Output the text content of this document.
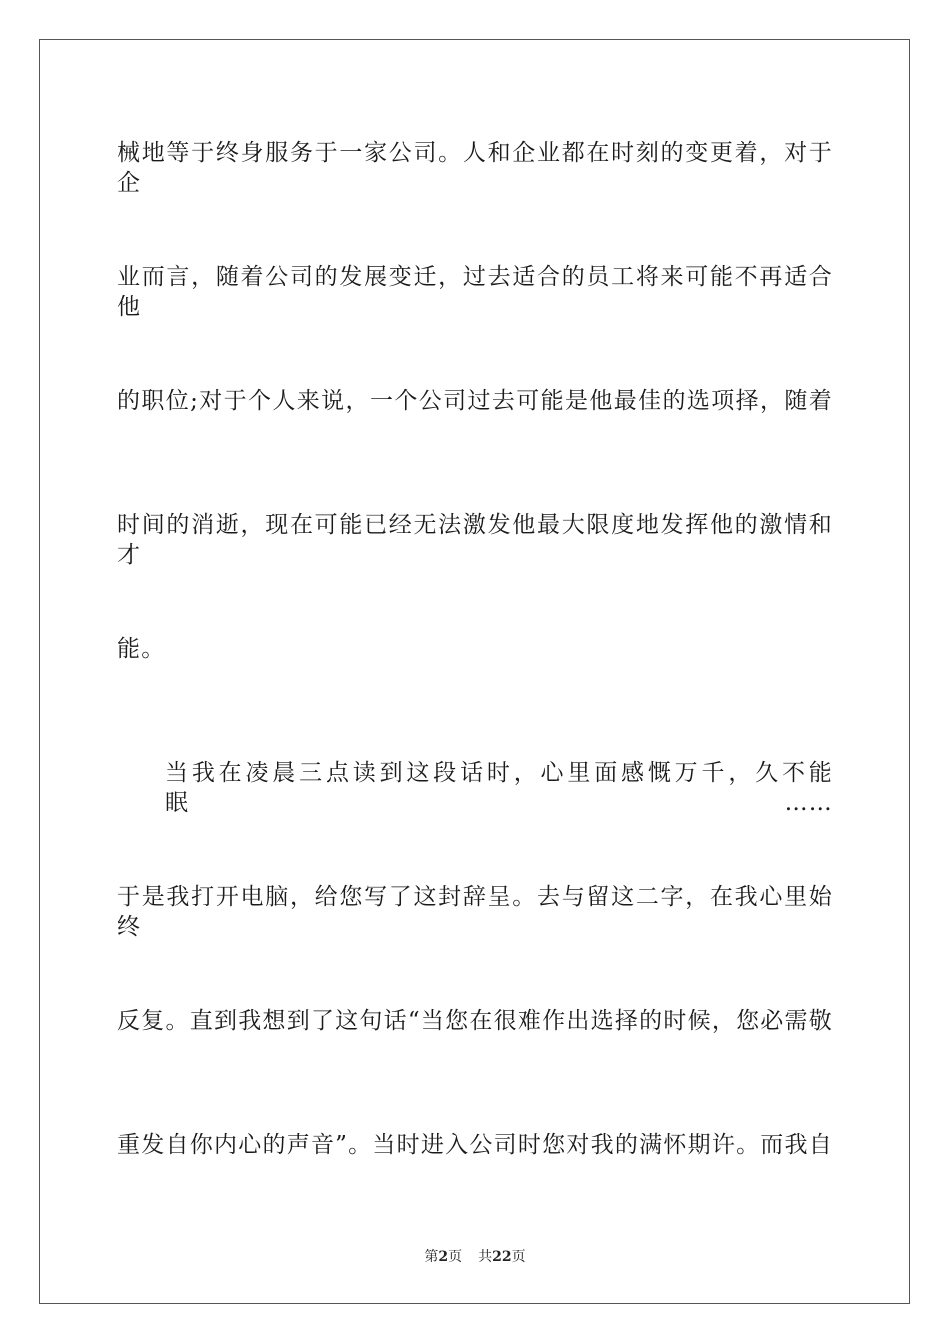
械地等于终身服务于一家公司。人和企业都在时刻的变更着，对于企
业而言，随着公司的发展变迁，过去适合的员工将来可能不再适合他
的职位;对于个人来说，一个公司过去可能是他最佳的选项择，随着
时间的消逝，现在可能已经无法激发他最大限度地发挥他的激情和才
能。
当我在凌晨三点读到这段话时，心里面感慨万千，久不能眠……
于是我打开电脑，给您写了这封辞呈。去与留这二字，在我心里始终
反复。直到我想到了这句话“当您在很难作出选择的时候，您必需敬
重发自你内心的声音”。当时进入公司时您对我的满怀期许。而我自
第2页 共22页
